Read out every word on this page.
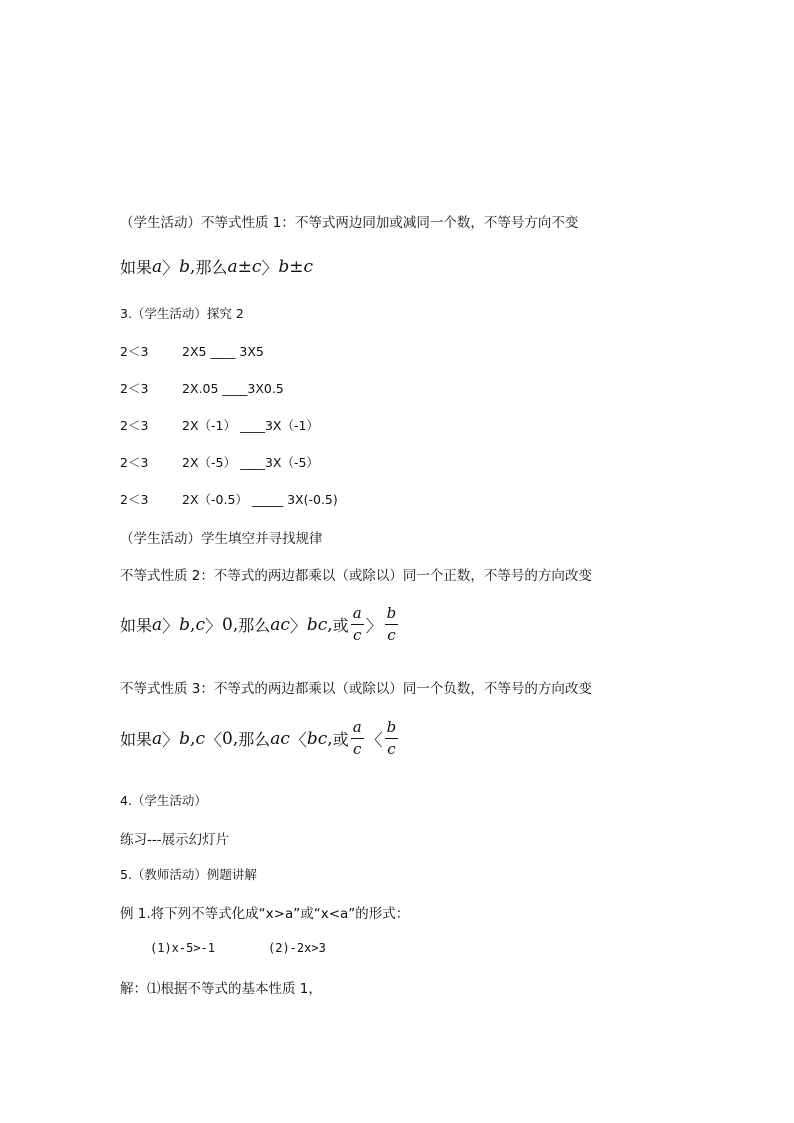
（学生活动）不等式性质 1：不等式两边同加或减同一个数，不等号方向不变
如果 a 〉 b , 那么 a ± c 〉 b ± c
3.（学生活动）探究 2
2＜3	2X5 ____ 3X5
2＜3	2X.05 ____3X0.5
2＜3	2X（-1） ____3X（-1）
2＜3	2X（-5） ____3X（-5）
2＜3	2X（-0.5） _____ 3X(-0.5)
（学生活动）学生填空并寻找规律
不等式性质 2：不等式的两边都乘以（或除以）同一个正数，不等号的方向改变
如果 a 〉 b , c 〉 0 , 那么 ac 〉 bc , 或 $\frac{a}{c}$ 〉 $\frac{b}{c}$
不等式性质 3：不等式的两边都乘以（或除以）同一个负数，不等号的方向改变
如果 a 〉 b , c 〈 0 , 那么 ac 〈 bc , 或 $\frac{a}{c}$ 〈 $\frac{b}{c}$
4.（学生活动）
练习---展示幻灯片
5.（教师活动）例题讲解
例 1.将下列不等式化成“x>a”或“x<a”的形式：
(1)x-5>-1	(2)-2x>3
解：⑴根据不等式的基本性质 1，
